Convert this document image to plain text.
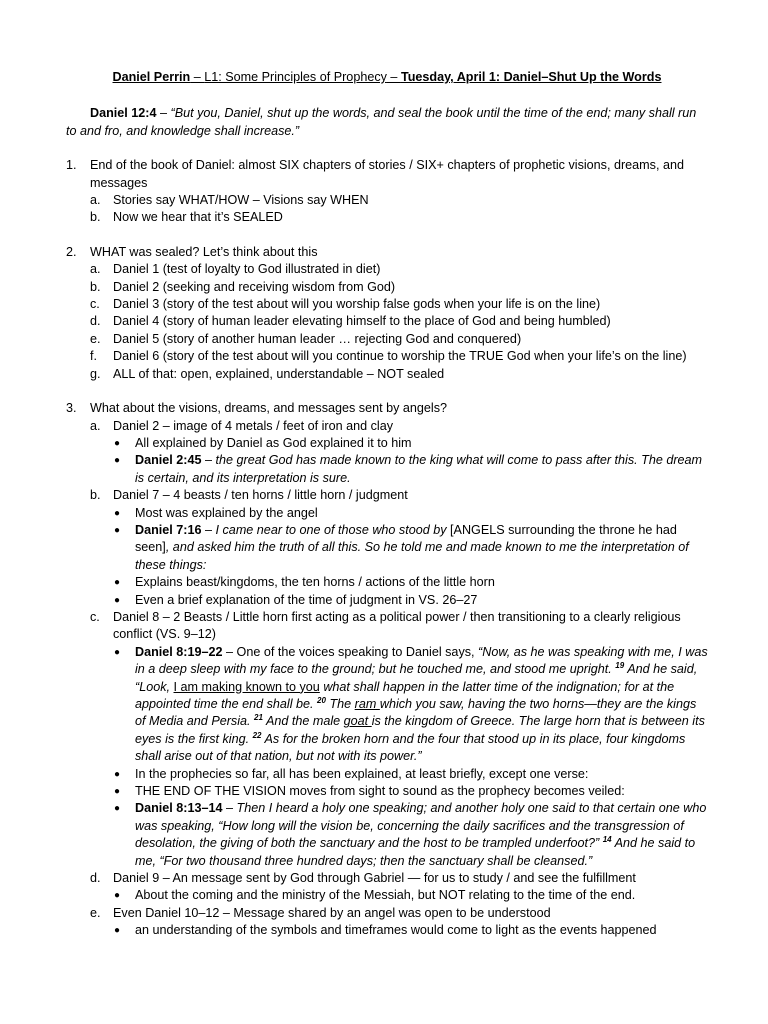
Daniel Perrin – L1: Some Principles of Prophecy – Tuesday, April 1: Daniel–Shut Up the Words

Daniel 12:4 – “But you, Daniel, shut up the words, and seal the book until the time of the end; many shall run to and fro, and knowledge shall increase.”

1. End of the book of Daniel: almost SIX chapters of stories / SIX+ chapters of prophetic visions, dreams, and messages
a. Stories say WHAT/HOW – Visions say WHEN
b. Now we hear that it’s SEALED
2. WHAT was sealed? Let’s think about this
a. Daniel 1 (test of loyalty to God illustrated in diet)
b. Daniel 2 (seeking and receiving wisdom from God)
c. Daniel 3 (story of the test about will you worship false gods when your life is on the line)
d. Daniel 4 (story of human leader elevating himself to the place of God and being humbled)
e. Daniel 5 (story of another human leader … rejecting God and conquered)
f. Daniel 6 (story of the test about will you continue to worship the TRUE God when your life’s on the line)
g. ALL of that: open, explained, understandable – NOT sealed
3. What about the visions, dreams, and messages sent by angels?
a. Daniel 2 – image of 4 metals / feet of iron and clay
● All explained by Daniel as God explained it to him
● Daniel 2:45 – the great God has made known to the king what will come to pass after this. The dream is certain, and its interpretation is sure.
b. Daniel 7 – 4 beasts / ten horns / little horn / judgment
● Most was explained by the angel
● Daniel 7:16 – I came near to one of those who stood by [ANGELS surrounding the throne he had seen], and asked him the truth of all this. So he told me and made known to me the interpretation of these things:
● Explains beast/kingdoms, the ten horns / actions of the little horn
● Even a brief explanation of the time of judgment in VS. 26–27
c. Daniel 8 – 2 Beasts / Little horn first acting as a political power / then transitioning to a clearly religious conflict (VS. 9–12)
● Daniel 8:19–22 – One of the voices speaking to Daniel says, “Now, as he was speaking with me, I was in a deep sleep with my face to the ground; but he touched me, and stood me upright. $^{19}$ And he said, “Look, I am making known to you what shall happen in the latter time of the indignation; for at the appointed time the end shall be. $^{20}$ The ram which you saw, having the two horns—they are the kings of Media and Persia. $^{21}$ And the male goat is the kingdom of Greece. The large horn that is between its eyes is the first king. $^{22}$ As for the broken horn and the four that stood up in its place, four kingdoms shall arise out of that nation, but not with its power.”
● In the prophecies so far, all has been explained, at least briefly, except one verse:
● THE END OF THE VISION moves from sight to sound as the prophecy becomes veiled:
● Daniel 8:13–14 – Then I heard a holy one speaking; and another holy one said to that certain one who was speaking, “How long will the vision be, concerning the daily sacrifices and the transgression of desolation, the giving of both the sanctuary and the host to be trampled underfoot?” $^{14}$ And he said to me, “For two thousand three hundred days; then the sanctuary shall be cleansed.”
d. Daniel 9 – An message sent by God through Gabriel — for us to study / and see the fulfillment
● About the coming and the ministry of the Messiah, but NOT relating to the time of the end.
e. Even Daniel 10–12 – Message shared by an angel was open to be understood
● an understanding of the symbols and timeframes would come to light as the events happened
